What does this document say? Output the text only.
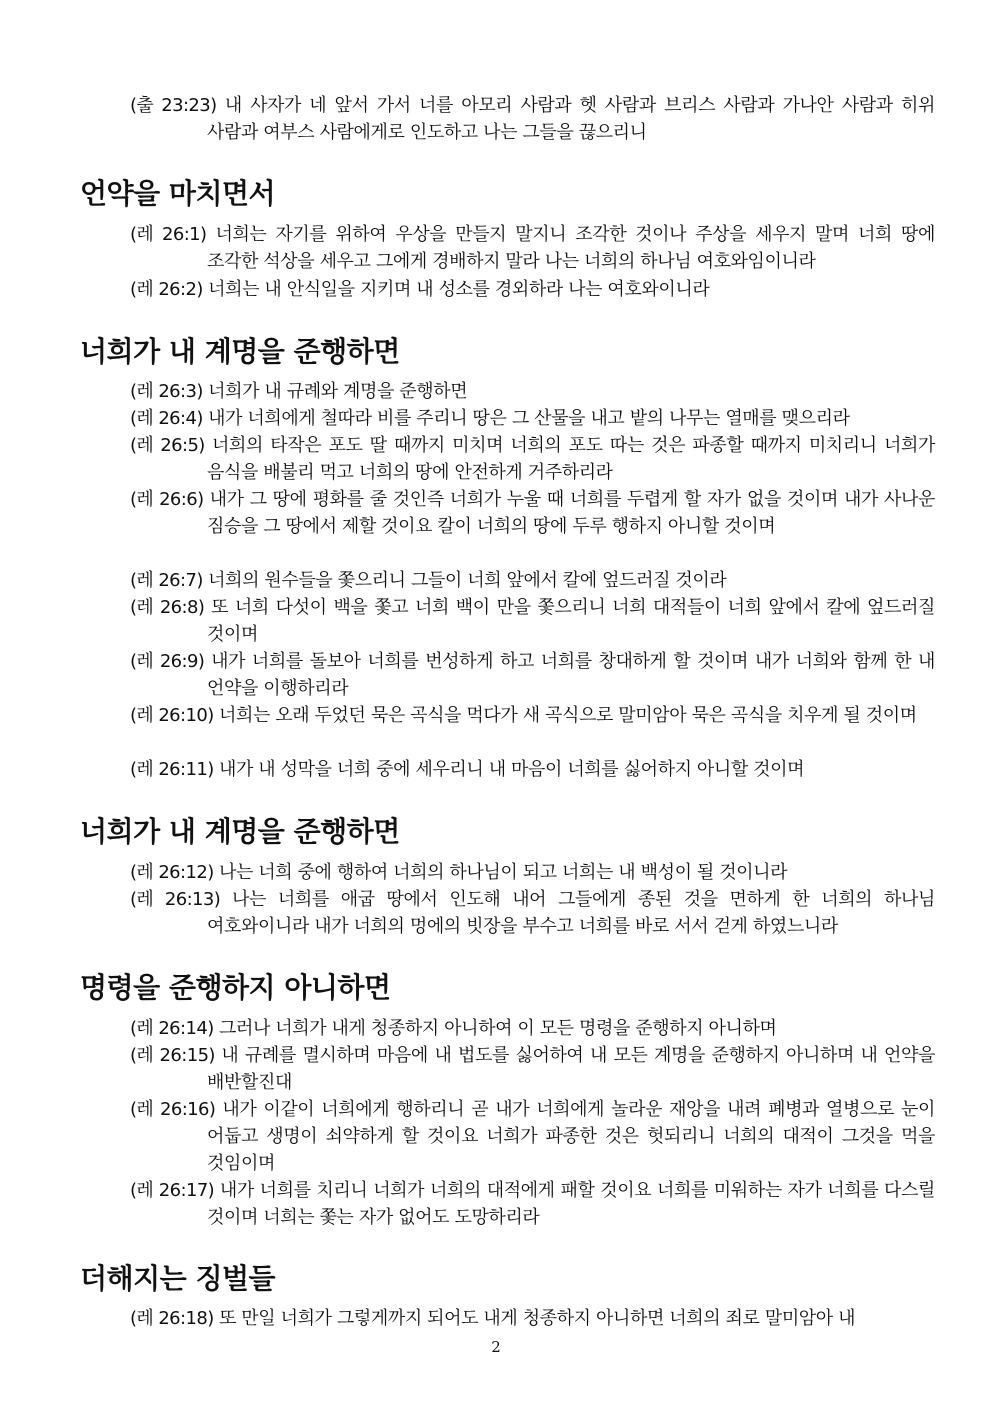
(출 23:23) 내 사자가 네 앞서 가서 너를 아모리 사람과 헷 사람과 브리스 사람과 가나안 사람과 히위 사람과 여부스 사람에게로 인도하고 나는 그들을 끊으리니
언약을 마치면서
(레 26:1) 너희는 자기를 위하여 우상을 만들지 말지니 조각한 것이나 주상을 세우지 말며 너희 땅에 조각한 석상을 세우고 그에게 경배하지 말라 나는 너희의 하나님 여호와임이니라
(레 26:2) 너희는 내 안식일을 지키며 내 성소를 경외하라 나는 여호와이니라
너희가 내 계명을 준행하면
(레 26:3) 너희가 내 규례와 계명을 준행하면
(레 26:4) 내가 너희에게 철따라 비를 주리니 땅은 그 산물을 내고 밭의 나무는 열매를 맺으리라
(레 26:5) 너희의 타작은 포도 딸 때까지 미치며 너희의 포도 따는 것은 파종할 때까지 미치리니 너희가 음식을 배불리 먹고 너희의 땅에 안전하게 거주하리라
(레 26:6) 내가 그 땅에 평화를 줄 것인즉 너희가 누울 때 너희를 두렵게 할 자가 없을 것이며 내가 사나운 짐승을 그 땅에서 제할 것이요 칼이 너희의 땅에 두루 행하지 아니할 것이며
(레 26:7) 너희의 원수들을 쫓으리니 그들이 너희 앞에서 칼에 엎드러질 것이라
(레 26:8) 또 너희 다섯이 백을 쫓고 너희 백이 만을 쫓으리니 너희 대적들이 너희 앞에서 칼에 엎드러질 것이며
(레 26:9) 내가 너희를 돌보아 너희를 번성하게 하고 너희를 창대하게 할 것이며 내가 너희와 함께 한 내 언약을 이행하리라
(레 26:10) 너희는 오래 두었던 묵은 곡식을 먹다가 새 곡식으로 말미암아 묵은 곡식을 치우게 될 것이며
(레 26:11) 내가 내 성막을 너희 중에 세우리니 내 마음이 너희를 싫어하지 아니할 것이며
너희가 내 계명을 준행하면
(레 26:12) 나는 너희 중에 행하여 너희의 하나님이 되고 너희는 내 백성이 될 것이니라
(레 26:13) 나는 너희를 애굽 땅에서 인도해 내어 그들에게 종된 것을 면하게 한 너희의 하나님 여호와이니라 내가 너희의 멍에의 빗장을 부수고 너희를 바로 서서 걷게 하였느니라
명령을 준행하지 아니하면
(레 26:14) 그러나 너희가 내게 청종하지 아니하여 이 모든 명령을 준행하지 아니하며
(레 26:15) 내 규례를 멸시하며 마음에 내 법도를 싫어하여 내 모든 계명을 준행하지 아니하며 내 언약을 배반할진대
(레 26:16) 내가 이같이 너희에게 행하리니 곧 내가 너희에게 놀라운 재앙을 내려 폐병과 열병으로 눈이 어둡고 생명이 쇠약하게 할 것이요 너희가 파종한 것은 헛되리니 너희의 대적이 그것을 먹을 것임이며
(레 26:17) 내가 너희를 치리니 너희가 너희의 대적에게 패할 것이요 너희를 미워하는 자가 너희를 다스릴 것이며 너희는 쫓는 자가 없어도 도망하리라
더해지는 징벌들
(레 26:18) 또 만일 너희가 그렇게까지 되어도 내게 청종하지 아니하면 너희의 죄로 말미암아 내
2
